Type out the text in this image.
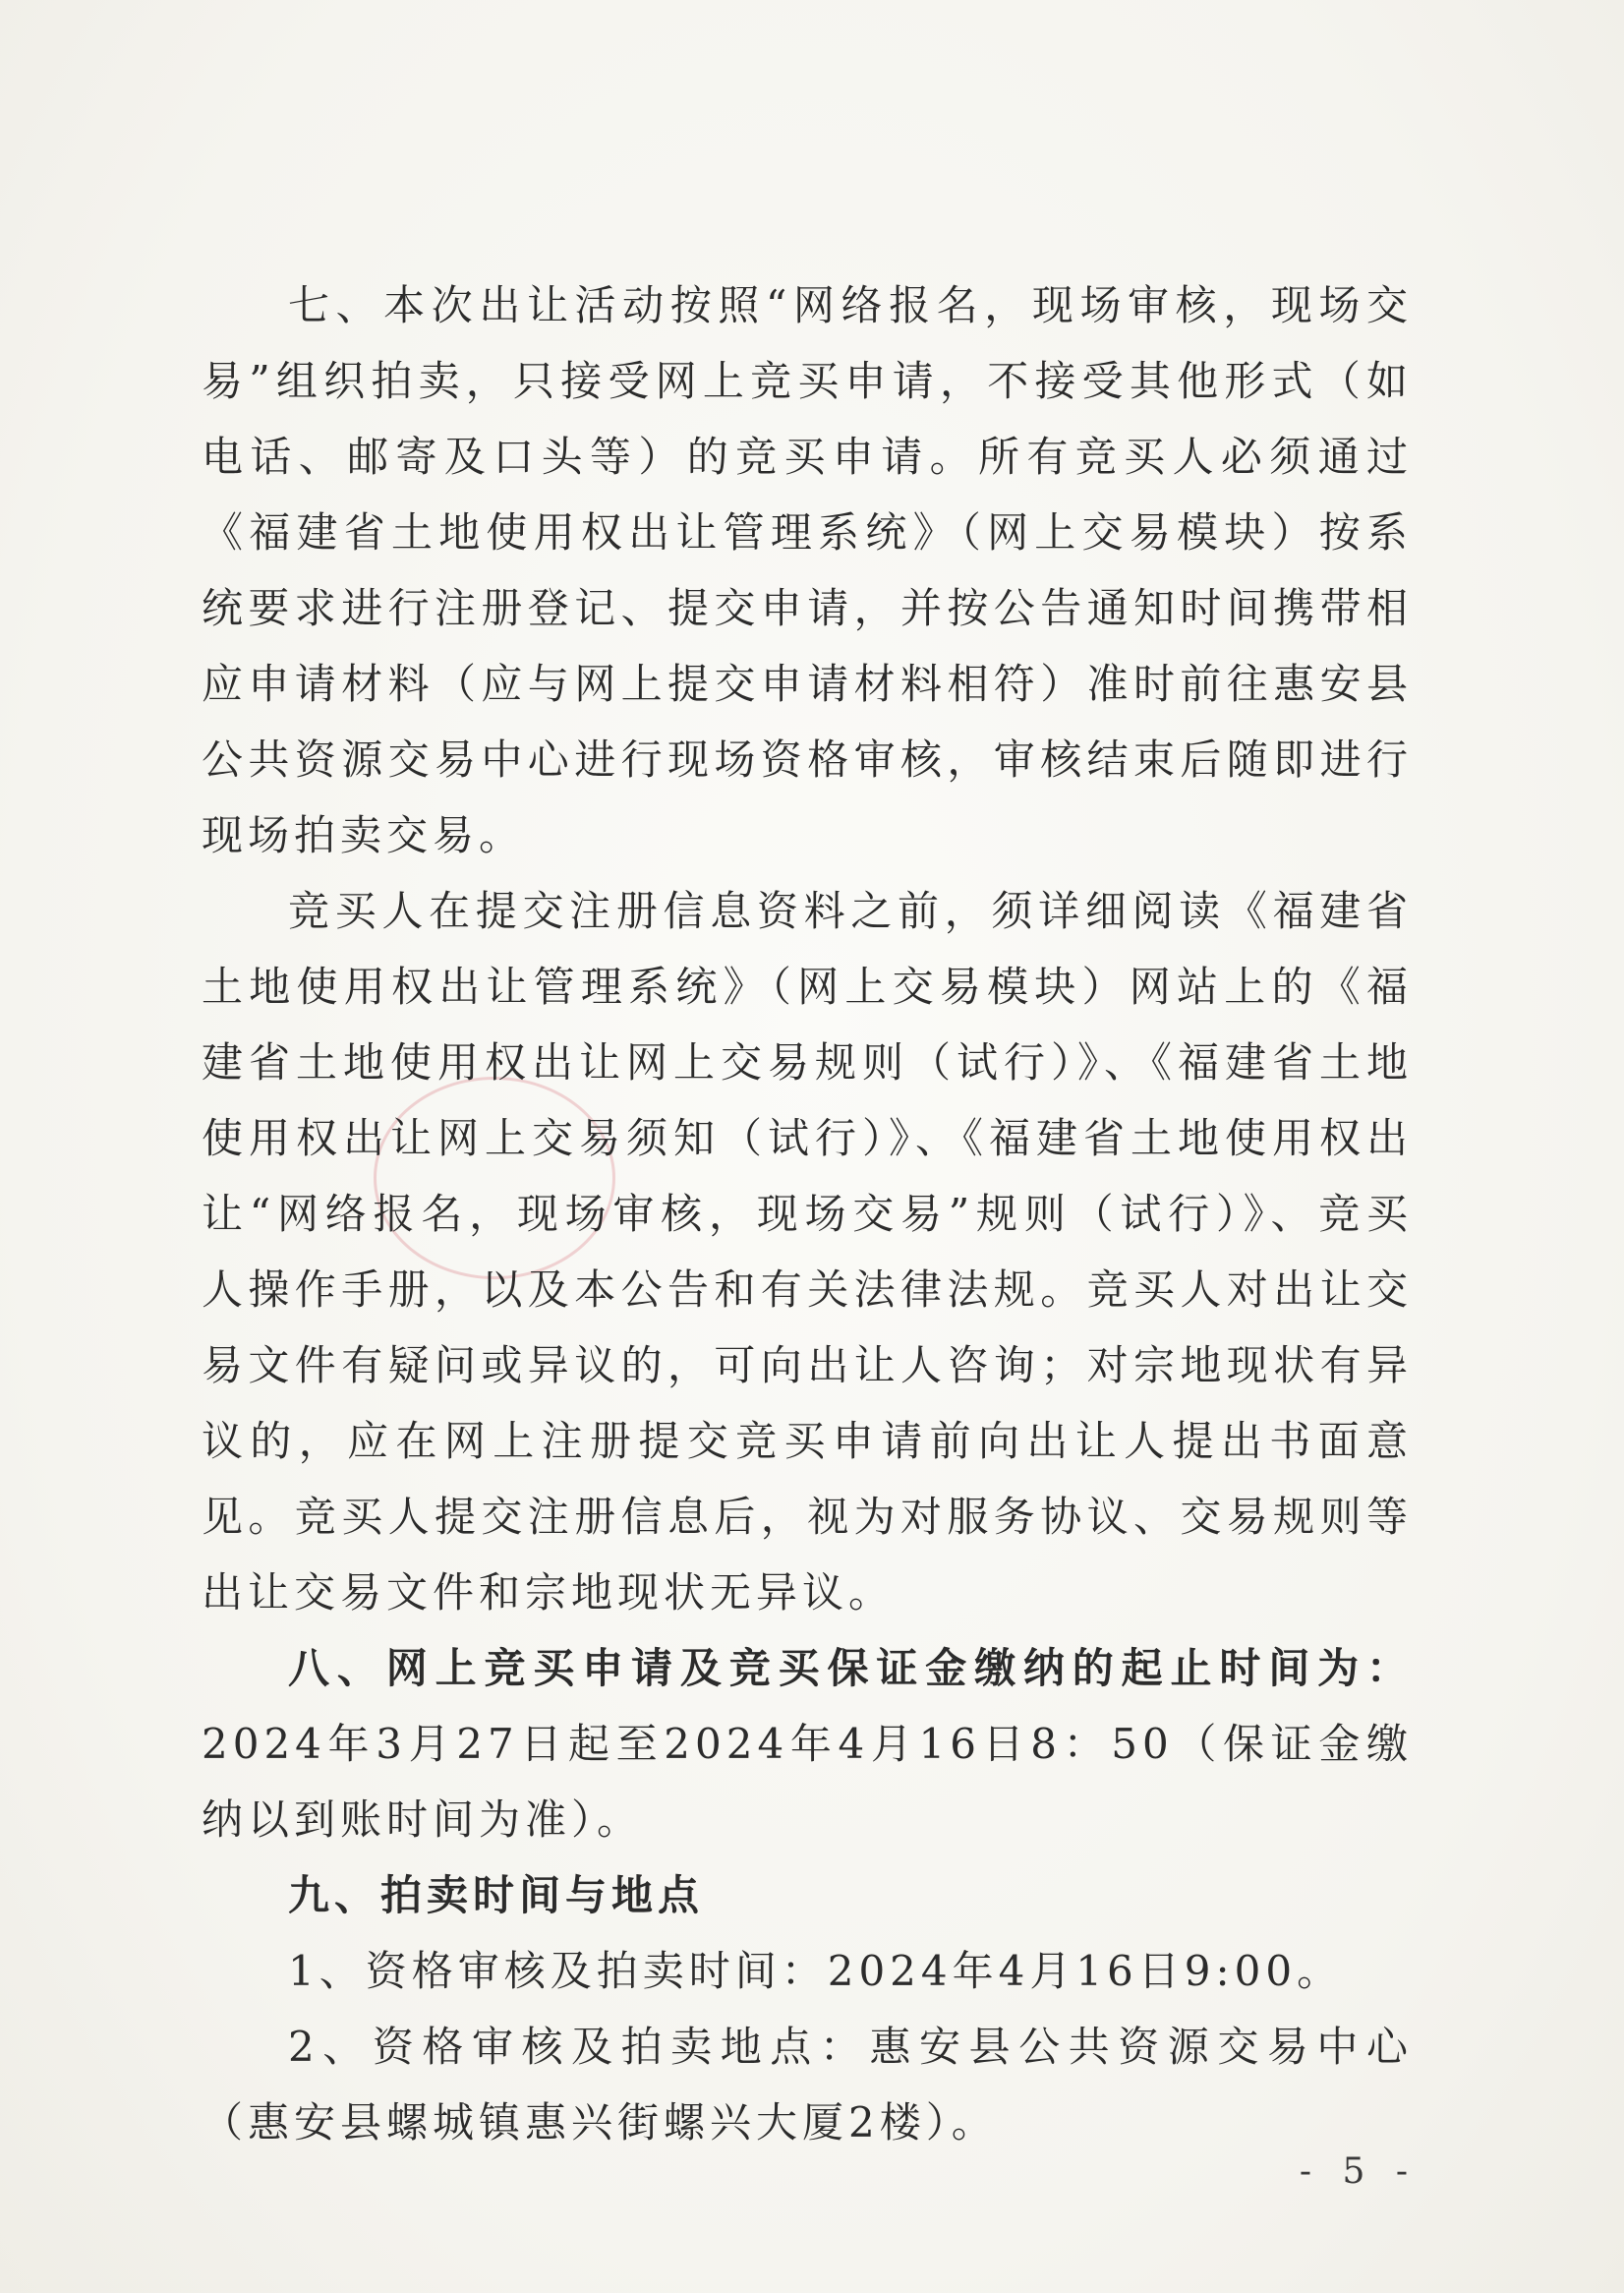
七、本次出让活动按照“网络报名，现场审核，现场交易”组织拍卖，只接受网上竞买申请，不接受其他形式（如电话、邮寄及口头等）的竞买申请。所有竞买人必须通过《福建省土地使用权出让管理系统》（网上交易模块）按系统要求进行注册登记、提交申请，并按公告通知时间携带相应申请材料（应与网上提交申请材料相符）准时前往惠安县公共资源交易中心进行现场资格审核，审核结束后随即进行现场拍卖交易。

竞买人在提交注册信息资料之前，须详细阅读《福建省土地使用权出让管理系统》（网上交易模块）网站上的《福建省土地使用权出让网上交易规则（试行）》、《福建省土地使用权出让网上交易须知（试行）》、《福建省土地使用权出让“网络报名，现场审核，现场交易”规则（试行）》、竞买人操作手册，以及本公告和有关法律法规。竞买人对出让交易文件有疑问或异议的，可向出让人咨询；对宗地现状有异议的，应在网上注册提交竞买申请前向出让人提出书面意见。竞买人提交注册信息后，视为对服务协议、交易规则等出让交易文件和宗地现状无异议。

八、网上竞买申请及竞买保证金缴纳的起止时间为：2024年3月27日起至2024年4月16日8：50（保证金缴纳以到账时间为准）。

九、拍卖时间与地点

1、资格审核及拍卖时间：2024年4月16日9:00。

2、资格审核及拍卖地点：惠安县公共资源交易中心（惠安县螺城镇惠兴街螺兴大厦2楼）。

- 5 -
